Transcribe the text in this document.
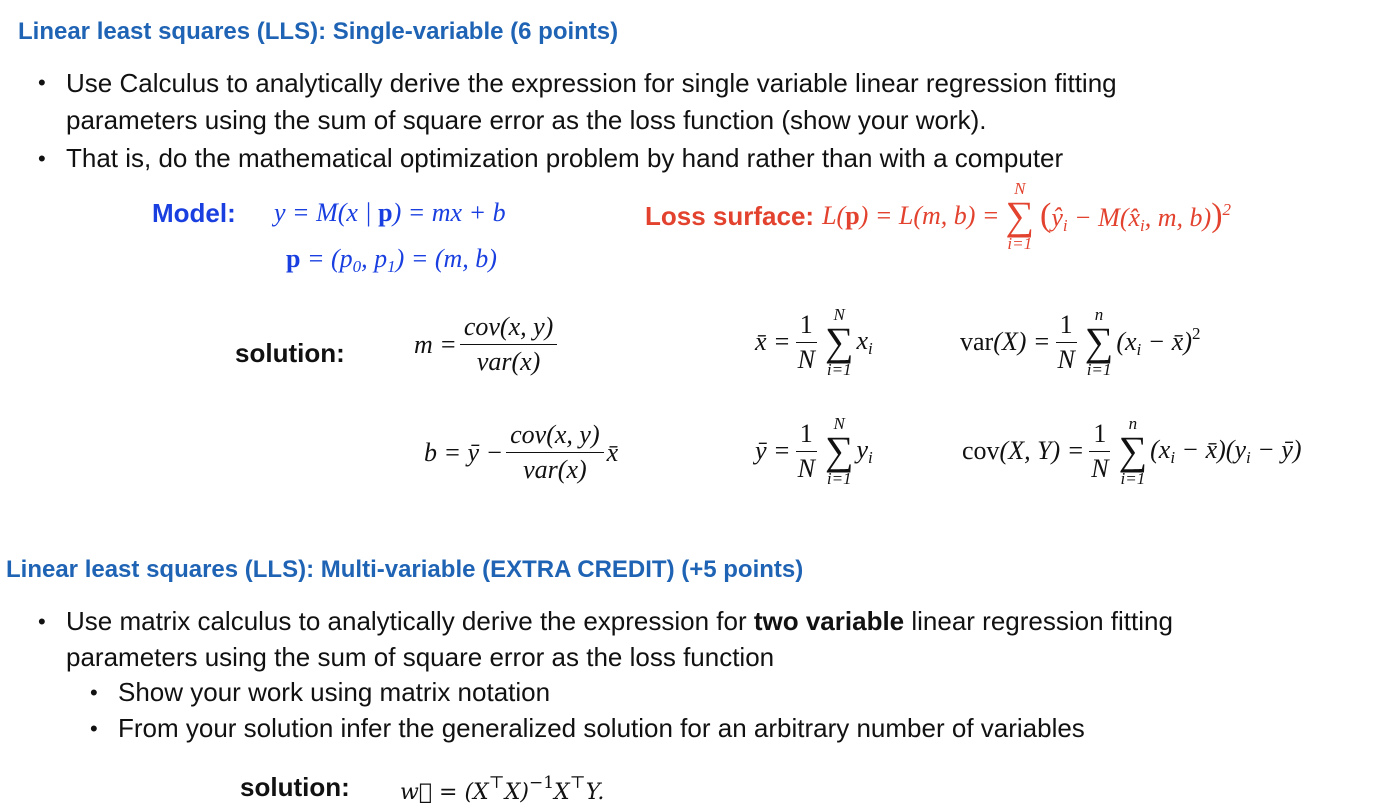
Linear least squares (LLS): Single-variable (6 points)
• Use Calculus to analytically derive the expression for single variable linear regression fitting
parameters using the sum of square error as the loss function (show your work).
• That is, do the mathematical optimization problem by hand rather than with a computer
Model: y = M(x | p) = mx + b
$p = (p_0$, $p_1) = (m$, b)
Loss surface: L(p) = L(m, b) =
N
∑
i=1
($ŷ_i$ − $M(x̂_i$, m, b))$^2$
solution:	$m = \frac{\text{cov(x, y)}}{\text{var(x)}}$
b = ȳ − $\frac{\text{cov(x, y)}}{\text{var(x)}}$ x̄
x̄ = $\frac{1}{N}$ N
∑
i=1
$x_i$
ȳ = $\frac{1}{N}$ N
∑
i=1
$y_i$
$var(X) = \frac{1}{N}$ n
∑
i=1
($x_i$ − x̄)$^2$
cov(X, $Y) = \frac{1}{N}$ n
∑
i=1
($x_i$ − $x̄)(y_i$ − ȳ)
Linear least squares (LLS): Multi-variable (EXTRA CREDIT) (+5 points)
• Use matrix calculus to analytically derive the expression for two variable linear regression fitting
parameters using the sum of square error as the loss function
• Show your work using matrix notation
• From your solution infer the generalized solution for an arbitrary number of variables
solution: w⃗ = $(X^⊤X)^{-1}X^⊤Y$.
